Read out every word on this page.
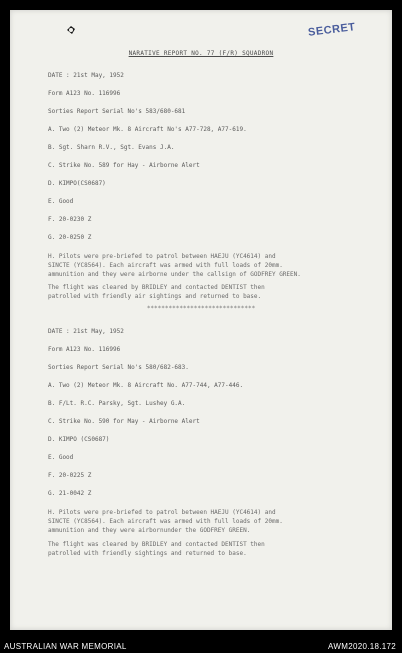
SECRET
NARATIVE REPORT NO. 77 (F/R) SQUADRON
DATE : 21st May, 1952
Form A123 No. 116996
Sorties Report Serial No's 583/680-681
A. Two (2) Meteor Mk. 8 Aircraft No's A77-728, A77-619.
B. Sgt. Sharn R.V., Sgt. Evans J.A.
C. Strike No. 589 for Hay - Airborne Alert
D. KIMPO(CS0687)
E. Good
F. 20-0230 Z
G. 20-0250 Z
H. Pilots were pre-briefed to patrol between HAEJU (YC4614) and
SINCTE (YC8564). Each aircraft was armed with full loads of 20mm.
ammunition and they were airborne under the callsign of GODFREY GREEN.
The flight was cleared by BRIDLEY and contacted DENTIST then
patrolled with friendly air sightings and returned to base.
******************************
DATE : 21st May, 1952
Form A123 No. 116996
Sorties Report Serial No's 580/682-683.
A. Two (2) Meteor Mk. 8 Aircraft No. A77-744, A77-446.
B. F/Lt. R.C. Parsky, Sgt. Lushey G.A.
C. Strike No. 590 for May - Airborne Alert
D. KIMPO (CS0687)
E. Good
F. 20-0225 Z
G. 21-0042 Z
H. Pilots were pre-briefed to patrol between HAEJU (YC4614) and
SINCTE (YC8564). Each aircraft was armed with full loads of 20mm.
ammunition and they were airbornunder the GODFREY GREEN.
The flight was cleared by BRIDLEY and contacted DENTIST then
patrolled with friendly sightings and returned to base.
AUSTRALIAN WAR MEMORIAL	AWM2020.18.172
